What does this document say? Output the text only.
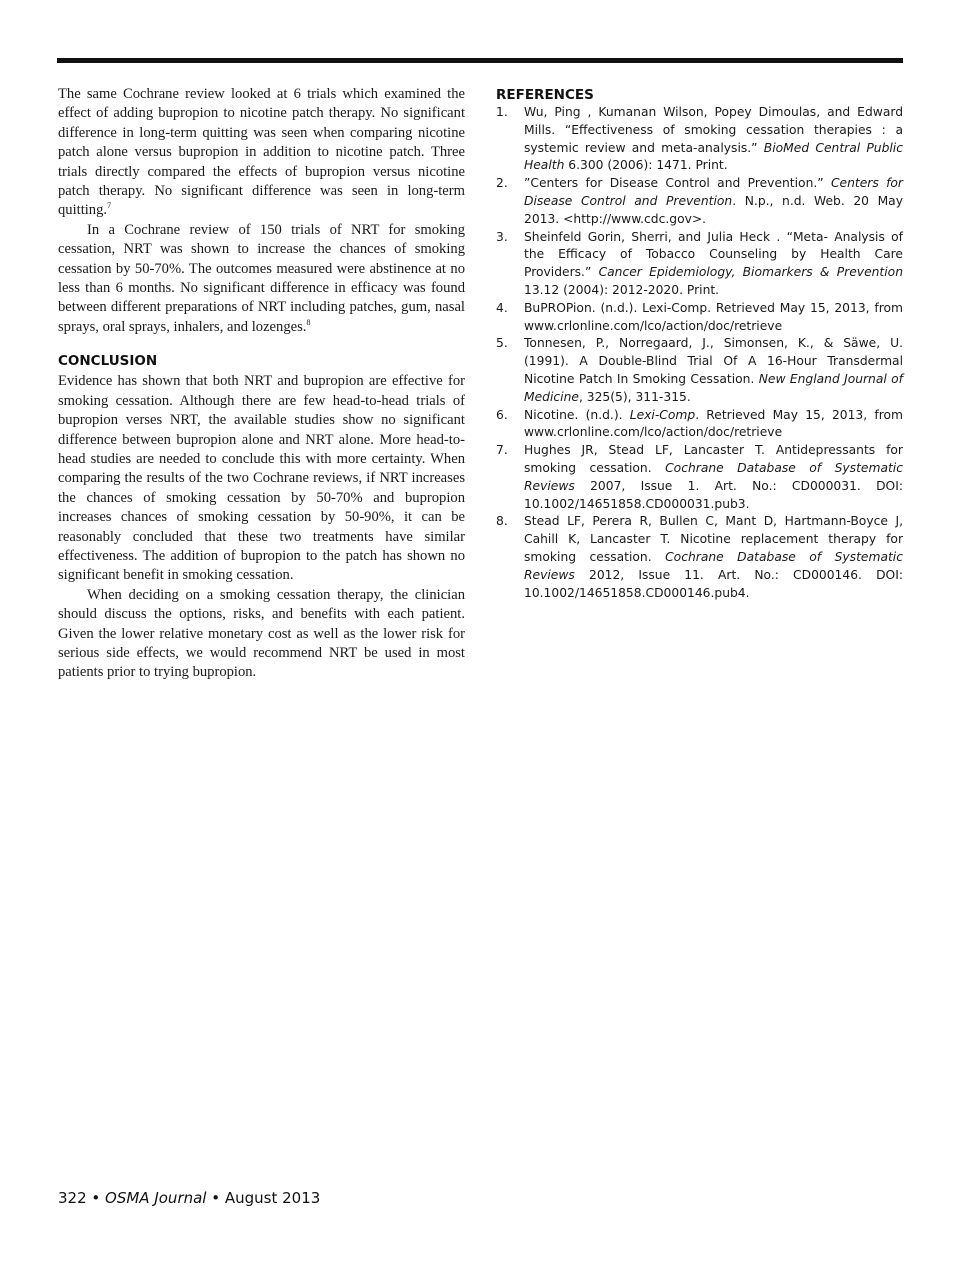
The same Cochrane review looked at 6 trials which examined the effect of adding bupropion to nicotine patch therapy. No significant difference in long-term quitting was seen when comparing nicotine patch alone versus bupropion in addition to nicotine patch. Three trials directly compared the effects of bupropion versus nicotine patch therapy. No significant difference was seen in long-term quitting.$^7$

In a Cochrane review of 150 trials of NRT for smoking cessation, NRT was shown to increase the chances of smoking cessation by 50-70%. The outcomes measured were abstinence at no less than 6 months. No significant difference in efficacy was found between different preparations of NRT including patches, gum, nasal sprays, oral sprays, inhalers, and lozenges.$^8$

CONCLUSION

Evidence has shown that both NRT and bupropion are effective for smoking cessation. Although there are few head-to-head trials of bupropion verses NRT, the available studies show no significant difference between bupropion alone and NRT alone. More head-to-head studies are needed to conclude this with more certainty. When comparing the results of the two Cochrane reviews, if NRT increases the chances of smoking cessation by 50-70% and bupropion increases chances of smoking cessation by 50-90%, it can be reasonably concluded that these two treatments have similar effectiveness. The addition of bupropion to the patch has shown no significant benefit in smoking cessation.

When deciding on a smoking cessation therapy, the clinician should discuss the options, risks, and benefits with each patient. Given the lower relative monetary cost as well as the lower risk for serious side effects, we would recommend NRT be used in most patients prior to trying bupropion.

REFERENCES
1.	Wu, Ping , Kumanan Wilson, Popey Dimoulas, and Edward Mills. “Effectiveness of smoking cessation therapies : a systemic review and meta-analysis.” BioMed Central Public Health 6.300 (2006): 1471. Print.
2.	”Centers for Disease Control and Prevention.” Centers for Disease Control and Prevention. N.p., n.d. Web. 20 May 2013. <http://www.cdc.gov>.
3.	Sheinfeld Gorin, Sherri, and Julia Heck . “Meta- Analysis of the Efficacy of Tobacco Counseling by Health Care Providers.” Cancer Epidemiology, Biomarkers & Prevention 13.12 (2004): 2012-2020. Print.
4.	BuPROPion. (n.d.). Lexi-Comp. Retrieved May 15, 2013, from www.crlonline.com/lco/action/doc/retrieve
5.	Tonnesen, P., Norregaard, J., Simonsen, K., & Säwe, U. (1991). A Double-Blind Trial Of A 16-Hour Transdermal Nicotine Patch In Smoking Cessation. New England Journal of Medicine, 325(5), 311-315.
6.	Nicotine. (n.d.). Lexi-Comp. Retrieved May 15, 2013, from www.crlonline.com/lco/action/doc/retrieve
7.	Hughes JR, Stead LF, Lancaster T. Antidepressants for smoking cessation. Cochrane Database of Systematic Reviews 2007, Issue 1. Art. No.: CD000031. DOI: 10.1002/14651858.CD000031.pub3.
8.	Stead LF, Perera R, Bullen C, Mant D, Hartmann-Boyce J, Cahill K, Lancaster T. Nicotine replacement therapy for smoking cessation. Cochrane Database of Systematic Reviews 2012, Issue 11. Art. No.: CD000146. DOI: 10.1002/14651858.CD000146.pub4.
322 • OSMA Journal • August 2013
